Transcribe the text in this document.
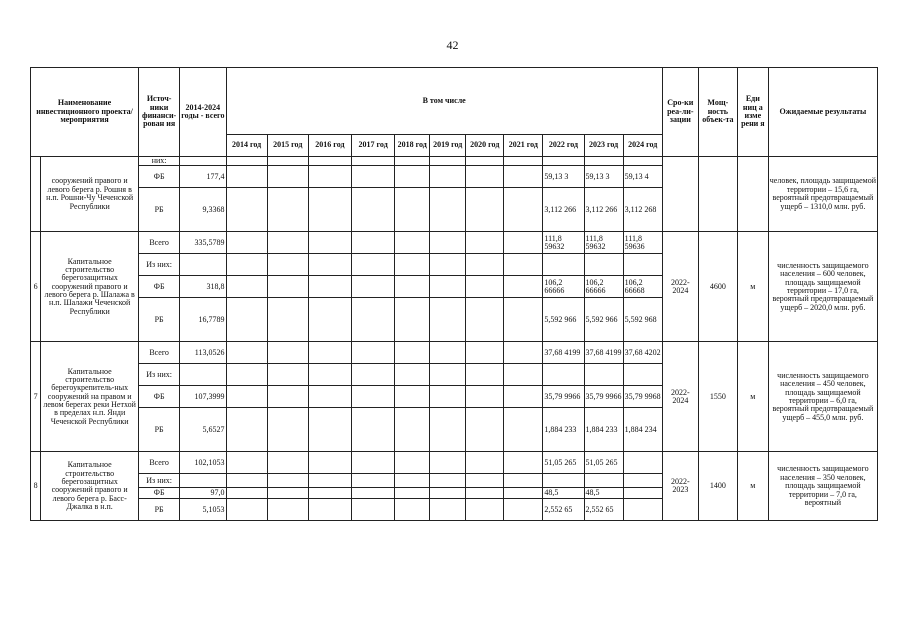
42
Наименование инвестиционного проекта/мероприятия		Источ-ники финанси-рован ия	2014-2024 годы - всего	В том числе											Сро-ки реа-ли-зации	Мощ-ность объек-та	Еди ниц а изме рени я	Ожидаемые результаты
				2014 год	2015 год	2016 год	2017 год	2018 год	2019 год	2020 год	2021 год	2022 год	2023 год	2024 год				
	сооружений правого и левого берега р. Рошня в н.п. Рошни-Чу Чеченской Республики	них:																человек, площадь защищаемой территории – 15,6 га, вероятный предотвращаемый ущерб – 1310,0 млн. руб.
		ФБ	177,4									59,13 3	59,13 3	59,13 4				
		РБ	9,3368									3,112 266	3,112 266	3,112 268				
6	Капитальное строительство берегозащитных сооружений правого и левого берега р. Шалажа в н.п. Шалажи Чеченской Республики	Всего	335,5789									111,8 59632	111,8 59632	111,8 59636	2022-2024	4600	м	численность защищаемого населения – 600 человек, площадь защищаемой территории – 17,0 га, вероятный предотвращаемый ущерб – 2020,0 млн. руб.
		Из них:																
		ФБ	318,8									106,2 66666	106,2 66666	106,2 66668				
		РБ	16,7789									5,592 966	5,592 966	5,592 968				
7	Капитальное строительство берегоукрепитель-ных сооружений на правом и левом берегах реки Нетхой в пределах н.п. Янди Чеченской Республики	Всего	113,0526									37,68 4199	37,68 4199	37,68 4202	2022-2024	1550	м	численность защищаемого населения – 450 человек, площадь защищаемой территории – 6,0 га, вероятный предотвращаемый ущерб – 455,0 млн. руб.
		Из них:																
		ФБ	107,3999									35,79 9966	35,79 9966	35,79 9968				
		РБ	5,6527									1,884 233	1,884 233	1,884 234				
8	Капитальное строительство берегозащитных сооружений правого и левого берега р. Басс-Джалка в н.п.	Всего	102,1053									51,05 265	51,05 265		2022-2023	1400	м	численность защищаемого населения – 350 человек, площадь защищаемой территории – 7,0 га, вероятный
		Из них:																
		ФБ	97,0									48,5	48,5					
		РБ	5,1053									2,552 65	2,552 65					
